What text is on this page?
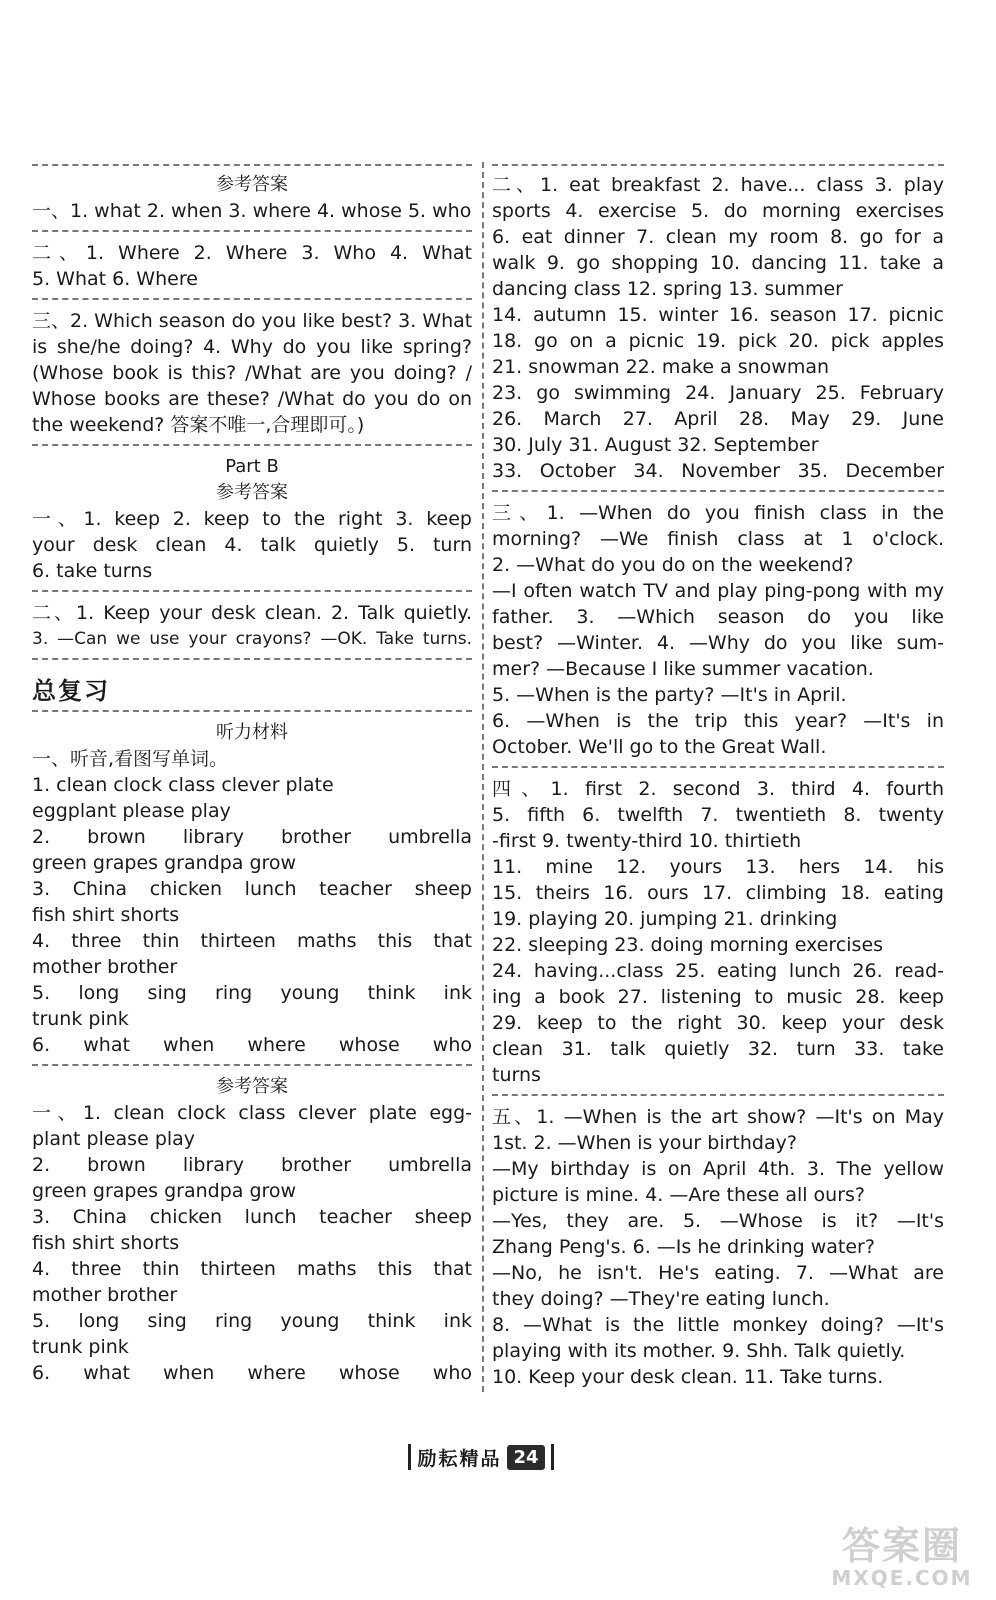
参考答案
一、1. what 2. when 3. where 4. whose 5. who
二、1. Where 2. Where 3. Who 4. What
5. What 6. Where
三、2. Which season do you like best? 3. What
is she/he doing? 4. Why do you like spring?
(Whose book is this? /What are you doing? /
Whose books are these? /What do you do on
the weekend? 答案不唯一,合理即可。)
Part B
参考答案
一、1. keep 2. keep to the right 3. keep
your desk clean 4. talk quietly 5. turn
6. take turns
二、1. Keep your desk clean. 2. Talk quietly.
3. —Can we use your crayons? —OK. Take turns.
总复习
听力材料
一、听音,看图写单词。
1. clean clock class clever plate
eggplant please play
2. brown library brother umbrella
green grapes grandpa grow
3. China chicken lunch teacher sheep
fish shirt shorts
4. three thin thirteen maths this that
mother brother
5. long sing ring young think ink
trunk pink
6. what when where whose who
参考答案
一、1. clean clock class clever plate egg-
plant please play
2. brown library brother umbrella
green grapes grandpa grow
3. China chicken lunch teacher sheep
fish shirt shorts
4. three thin thirteen maths this that
mother brother
5. long sing ring young think ink
trunk pink
6. what when where whose who
二、1. eat breakfast 2. have... class 3. play
sports 4. exercise 5. do morning exercises
6. eat dinner 7. clean my room 8. go for a
walk 9. go shopping 10. dancing 11. take a
dancing class 12. spring 13. summer
14. autumn 15. winter 16. season 17. picnic
18. go on a picnic 19. pick 20. pick apples
21. snowman 22. make a snowman
23. go swimming 24. January 25. February
26. March 27. April 28. May 29. June
30. July 31. August 32. September
33. October 34. November 35. December
三、1. —When do you finish class in the
morning? —We finish class at 1 o'clock.
2. —What do you do on the weekend?
—I often watch TV and play ping-pong with my
father. 3. —Which season do you like
best? —Winter. 4. —Why do you like sum-
mer? —Because I like summer vacation.
5. —When is the party? —It's in April.
6. —When is the trip this year? —It's in
October. We'll go to the Great Wall.
四、1. first 2. second 3. third 4. fourth
5. fifth 6. twelfth 7. twentieth 8. twenty
-first 9. twenty-third 10. thirtieth
11. mine 12. yours 13. hers 14. his
15. theirs 16. ours 17. climbing 18. eating
19. playing 20. jumping 21. drinking
22. sleeping 23. doing morning exercises
24. having...class 25. eating lunch 26. read-
ing a book 27. listening to music 28. keep
29. keep to the right 30. keep your desk
clean 31. talk quietly 32. turn 33. take
turns
五、1. —When is the art show? —It's on May
1st. 2. —When is your birthday?
—My birthday is on April 4th. 3. The yellow
picture is mine. 4. —Are these all ours?
—Yes, they are. 5. —Whose is it? —It's
Zhang Peng's. 6. —Is he drinking water?
—No, he isn't. He's eating. 7. —What are
they doing? —They're eating lunch.
8. —What is the little monkey doing? —It's
playing with its mother. 9. Shh. Talk quietly.
10. Keep your desk clean. 11. Take turns.
励耘精品 24
答案圈
MXQE.COM
